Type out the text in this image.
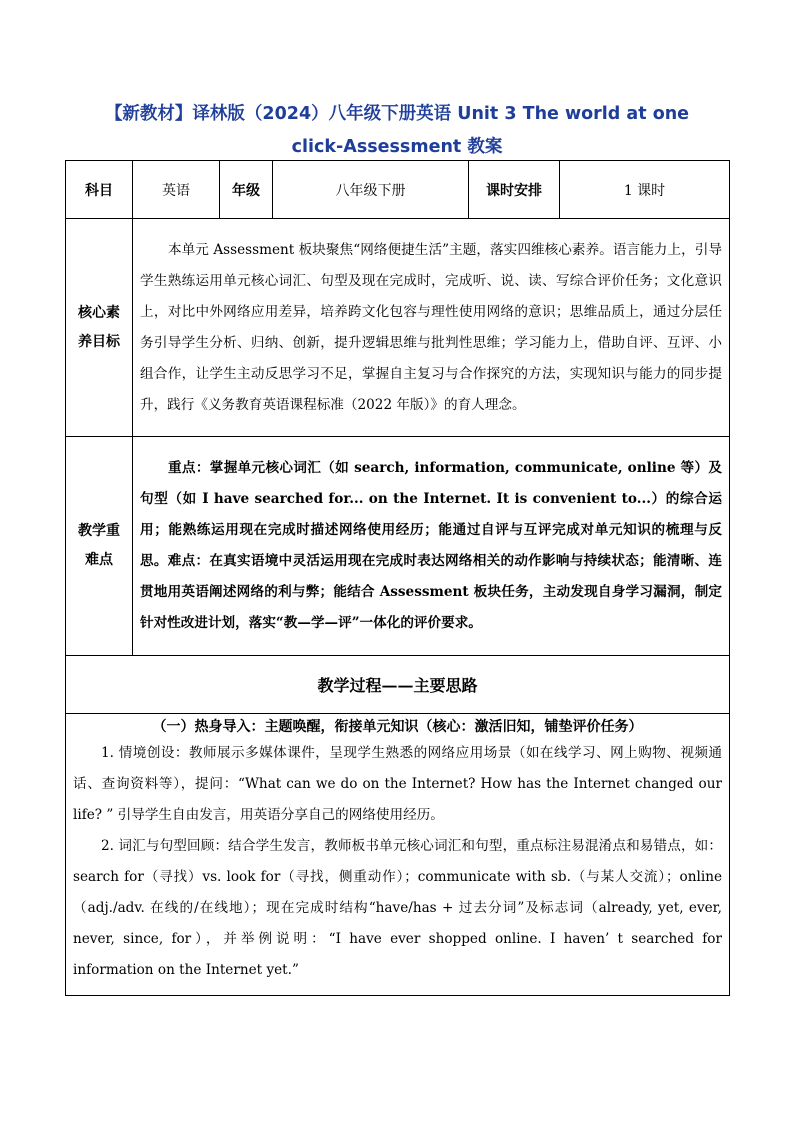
【新教材】译林版（2024）八年级下册英语 Unit 3 The world at one
click-Assessment 教案
科目	英语	年级	八年级下册	课时安排	1 课时

核心素
养目标	本单元 Assessment 板块聚焦“网络便捷生活”主题，落实四维核心素养。语言能力上，引导学生熟练运用单元核心词汇、句型及现在完成时，完成听、说、读、写综合评价任务；文化意识上，对比中外网络应用差异，培养跨文化包容与理性使用网络的意识；思维品质上，通过分层任务引导学生分析、归纳、创新，提升逻辑思维与批判性思维；学习能力上，借助自评、互评、小组合作，让学生主动反思学习不足，掌握自主复习与合作探究的方法，实现知识与能力的同步提升，践行《义务教育英语课程标准（2022 年版）》的育人理念。				

教学重
难点	重点：掌握单元核心词汇（如 search, information, communicate, online 等）及句型（如 I have searched for... on the Internet. It is convenient to...）的综合运用；能熟练运用现在完成时描述网络使用经历；能通过自评与互评完成对单元知识的梳理与反思。难点：在真实语境中灵活运用现在完成时表达网络相关的动作影响与持续状态；能清晰、连贯地用英语阐述网络的利与弊；能结合 Assessment 板块任务，主动发现自身学习漏洞，制定针对性改进计划，落实“教—学—评”一体化的评价要求。				
教学过程——主要思路					

（一）热身导入：主题唤醒，衔接单元知识（核心：激活旧知，铺垫评价任务）
1. 情境创设：教师展示多媒体课件，呈现学生熟悉的网络应用场景（如在线学习、网上购物、视频通话、查询资料等），提问：“What can we do on the Internet? How has the Internet changed our life? ” 引导学生自由发言，用英语分享自己的网络使用经历。
2. 词汇与句型回顾：结合学生发言，教师板书单元核心词汇和句型，重点标注易混淆点和易错点，如：search for（寻找）vs. look for（寻找，侧重动作）；communicate with sb.（与某人交流）；online（adj./adv. 在线的/在线地）；现在完成时结构“have/has + 过去分词”及标志词（already, yet, ever, never, since, for），并举例说明：“I have ever shopped online. I haven’ t searched for information on the Internet yet.”					
